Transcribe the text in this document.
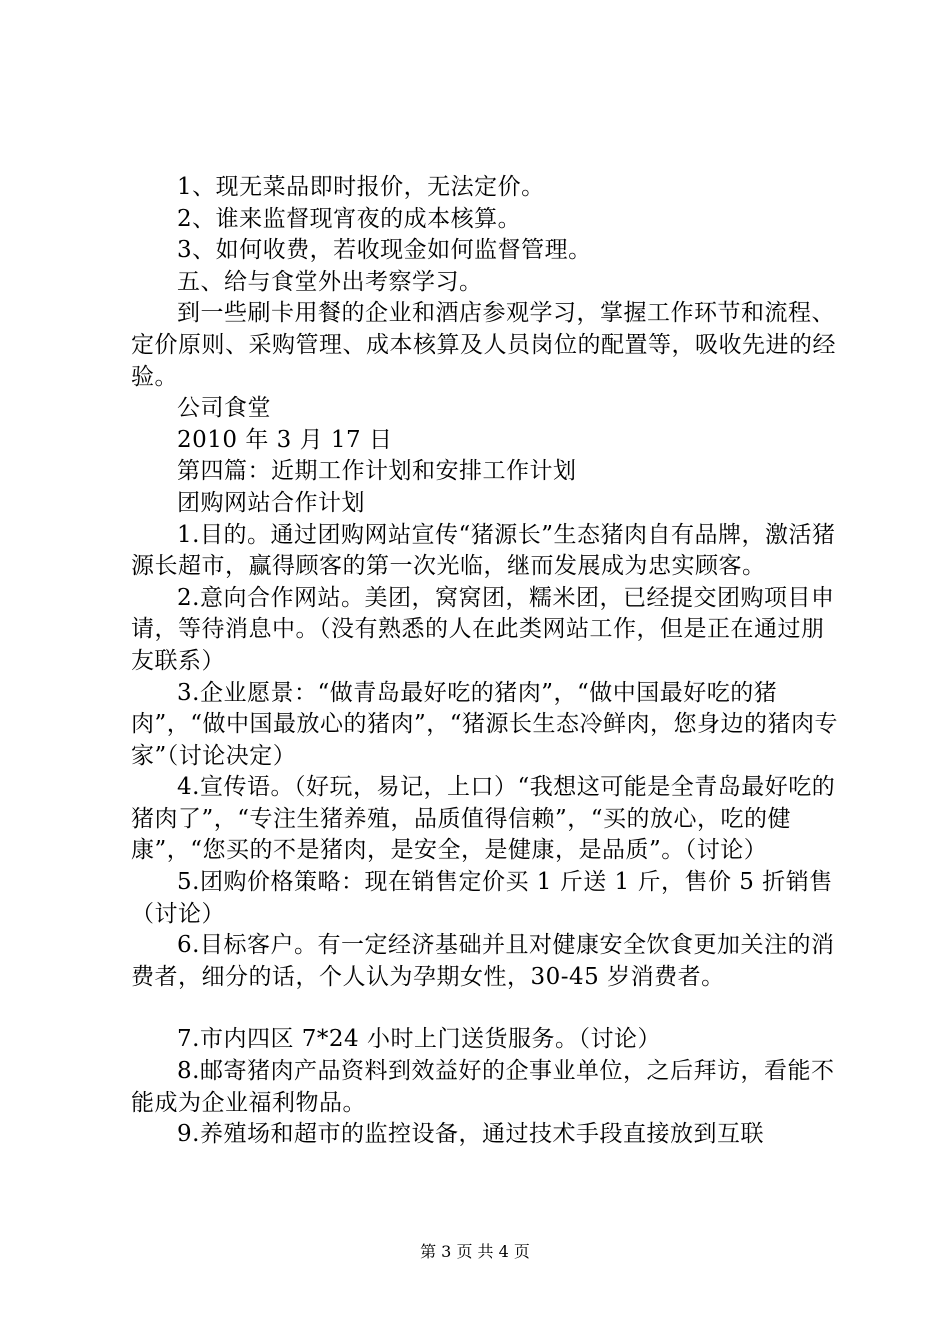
1、现无菜品即时报价，无法定价。

2、谁来监督现宵夜的成本核算。

3、如何收费，若收现金如何监督管理。

五、给与食堂外出考察学习。

到一些刷卡用餐的企业和酒店参观学习，掌握工作环节和流程、定价原则、采购管理、成本核算及人员岗位的配置等，吸收先进的经验。

公司食堂

2010 年 3 月 17 日

第四篇：近期工作计划和安排工作计划

团购网站合作计划

1.目的。通过团购网站宣传“猪源长”生态猪肉自有品牌，激活猪源长超市，赢得顾客的第一次光临，继而发展成为忠实顾客。

2.意向合作网站。美团，窝窝团，糯米团，已经提交团购项目申请，等待消息中。（没有熟悉的人在此类网站工作，但是正在通过朋友联系）

3.企业愿景：“做青岛最好吃的猪肉”，“做中国最好吃的猪肉”，“做中国最放心的猪肉”，“猪源长生态冷鲜肉，您身边的猪肉专家”（讨论决定）

4.宣传语。（好玩，易记，上口）“我想这可能是全青岛最好吃的猪肉了”，“专注生猪养殖，品质值得信赖”，“买的放心，吃的健康”，“您买的不是猪肉，是安全，是健康，是品质”。（讨论）

5.团购价格策略：现在销售定价买 1 斤送 1 斤，售价 5 折销售（讨论）

6.目标客户。有一定经济基础并且对健康安全饮食更加关注的消费者，细分的话，个人认为孕期女性，30-45 岁消费者。

7.市内四区 7*24 小时上门送货服务。（讨论）

8.邮寄猪肉产品资料到效益好的企事业单位，之后拜访，看能不能成为企业福利物品。

9.养殖场和超市的监控设备，通过技术手段直接放到互联

第 3 页 共 4 页
